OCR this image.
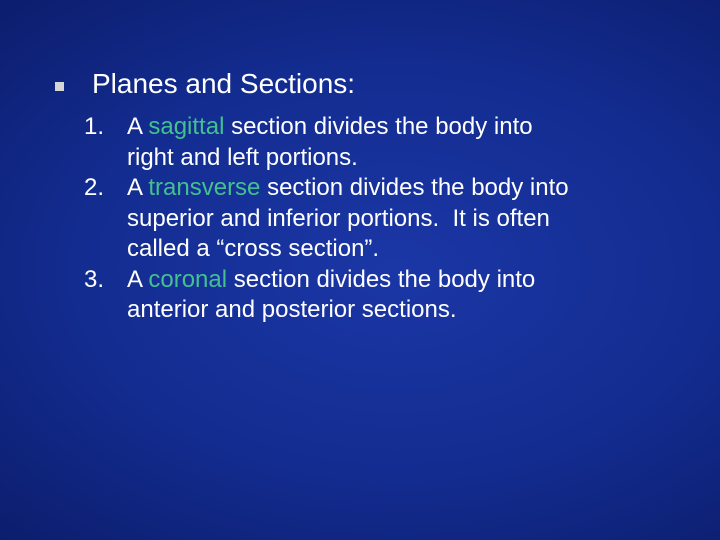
Planes and Sections:
1. A sagittal section divides the body into
right and left portions.
2. A transverse section divides the body into
superior and inferior portions.  It is often
called a “cross section”.
3. A coronal section divides the body into
anterior and posterior sections.
